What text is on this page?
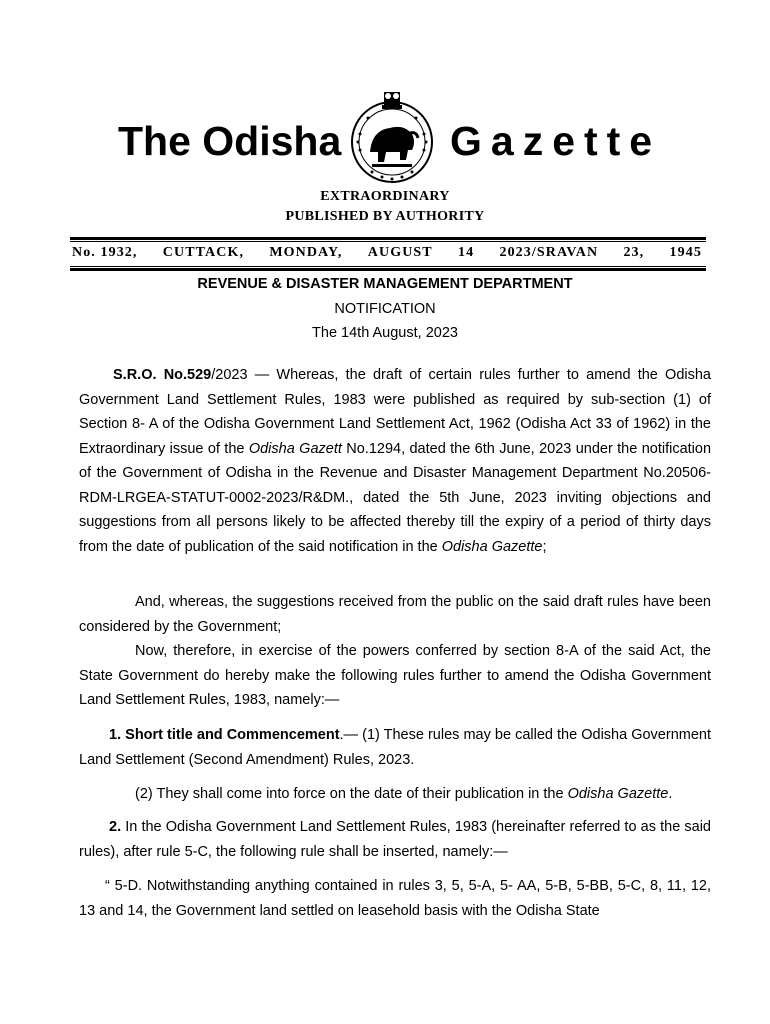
The Odisha	Gazette
EXTRAORDINARY
PUBLISHED BY AUTHORITY
No. 1932, CUTTACK, MONDAY, AUGUST 14 2023/SRAVAN 23, 1945
REVENUE & DISASTER MANAGEMENT DEPARTMENT
NOTIFICATION
The 14th August, 2023

S.R.O. No.529/2023 — Whereas, the draft of certain rules further to amend the Odisha Government Land Settlement Rules, 1983 were published as required by sub-section (1) of Section 8- A of the Odisha Government Land Settlement Act, 1962 (Odisha Act 33 of 1962) in the Extraordinary issue of the Odisha Gazett No.1294, dated the 6th June, 2023 under the notification of the Government of Odisha in the Revenue and Disaster Management Department No.20506-RDM-LRGEA-STATUT-0002-2023/R&DM., dated the 5th June, 2023 inviting objections and suggestions from all persons likely to be affected thereby till the expiry of a period of thirty days from the date of publication of the said notification in the Odisha Gazette;

And, whereas, the suggestions received from the public on the said draft rules have been considered by the Government;

Now, therefore, in exercise of the powers conferred by section 8-A of the said Act, the State Government do hereby make the following rules further to amend the Odisha Government Land Settlement Rules, 1983, namely:—

1. Short title and Commencement.— (1) These rules may be called the Odisha Government Land Settlement (Second Amendment) Rules, 2023.

(2) They shall come into force on the date of their publication in the Odisha Gazette.

2. In the Odisha Government Land Settlement Rules, 1983 (hereinafter referred to as the said rules), after rule 5-C, the following rule shall be inserted, namely:—

“ 5-D. Notwithstanding anything contained in rules 3, 5, 5-A, 5- AA, 5-B, 5-BB, 5-C, 8, 11, 12, 13 and 14, the Government land settled on leasehold basis with the Odisha State
